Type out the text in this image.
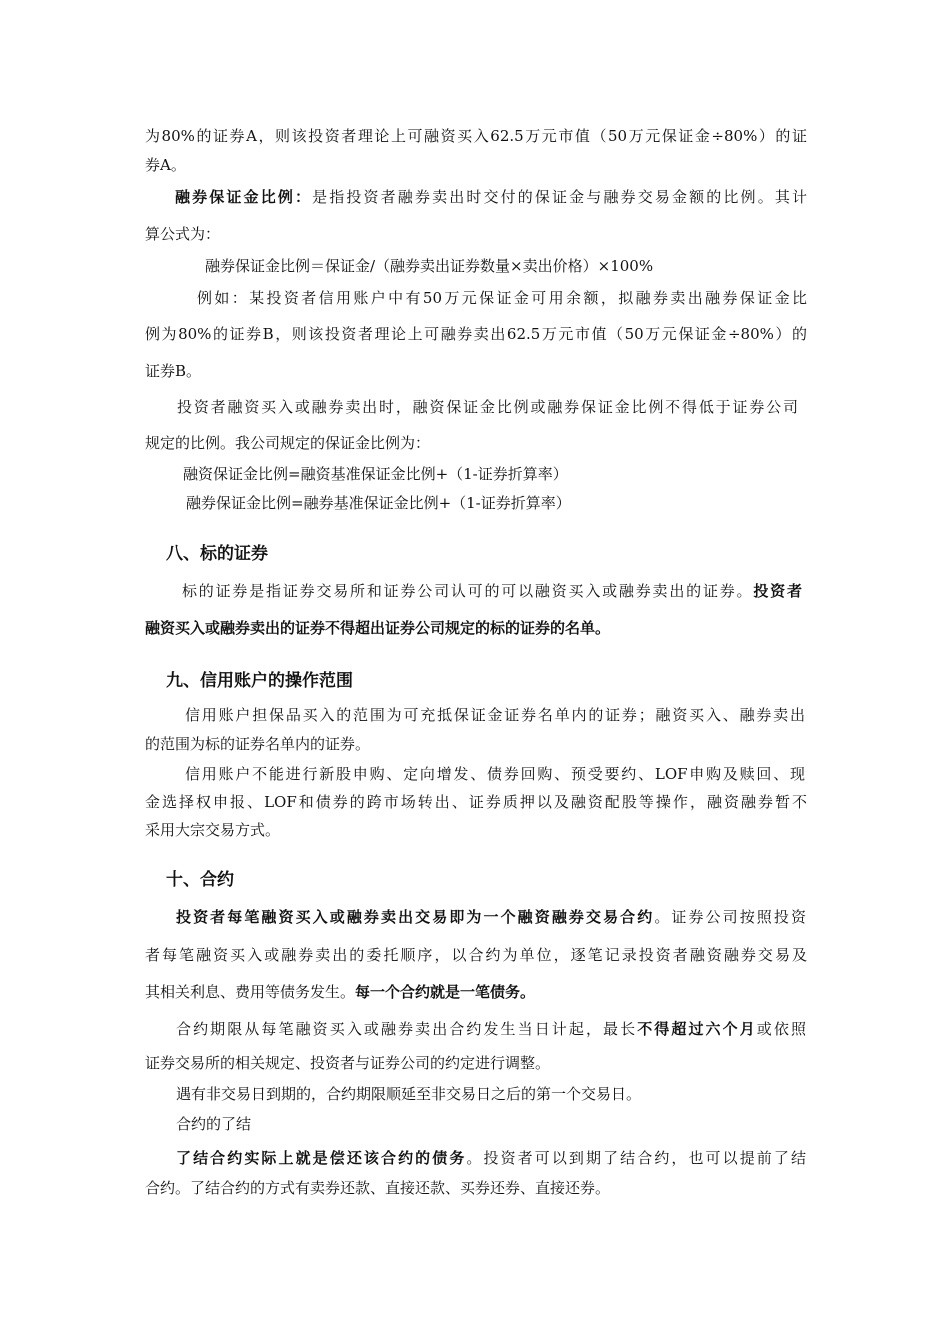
为80%的证券A，则该投资者理论上可融资买入62.5万元市值（50万元保证金÷80%）的证
券A。
融券保证金比例：是指投资者融券卖出时交付的保证金与融券交易金额的比例。其计
算公式为：
融券保证金比例＝保证金/（融券卖出证券数量×卖出价格）×100%
例如：某投资者信用账户中有50万元保证金可用余额，拟融券卖出融券保证金比
例为80%的证券B，则该投资者理论上可融券卖出62.5万元市值（50万元保证金÷80%）的
证券B。
投资者融资买入或融券卖出时，融资保证金比例或融券保证金比例不得低于证券公司
规定的比例。我公司规定的保证金比例为：
融资保证金比例=融资基准保证金比例+（1-证券折算率）
融券保证金比例=融券基准保证金比例+（1-证券折算率）
八、标的证券
标的证券是指证券交易所和证券公司认可的可以融资买入或融券卖出的证券。投资者
融资买入或融券卖出的证券不得超出证券公司规定的标的证券的名单。
九、信用账户的操作范围
信用账户担保品买入的范围为可充抵保证金证券名单内的证券；融资买入、融券卖出
的范围为标的证券名单内的证券。
信用账户不能进行新股申购、定向增发、债券回购、预受要约、LOF申购及赎回、现
金选择权申报、LOF和债券的跨市场转出、证券质押以及融资配股等操作，融资融券暂不
采用大宗交易方式。
十、合约
投资者每笔融资买入或融券卖出交易即为一个融资融券交易合约。证券公司按照投资
者每笔融资买入或融券卖出的委托顺序，以合约为单位，逐笔记录投资者融资融券交易及
其相关利息、费用等债务发生。每一个合约就是一笔债务。
合约期限从每笔融资买入或融券卖出合约发生当日计起，最长不得超过六个月或依照
证券交易所的相关规定、投资者与证券公司的约定进行调整。
遇有非交易日到期的，合约期限顺延至非交易日之后的第一个交易日。
合约的了结
了结合约实际上就是偿还该合约的债务。投资者可以到期了结合约，也可以提前了结
合约。了结合约的方式有卖券还款、直接还款、买券还券、直接还券。
